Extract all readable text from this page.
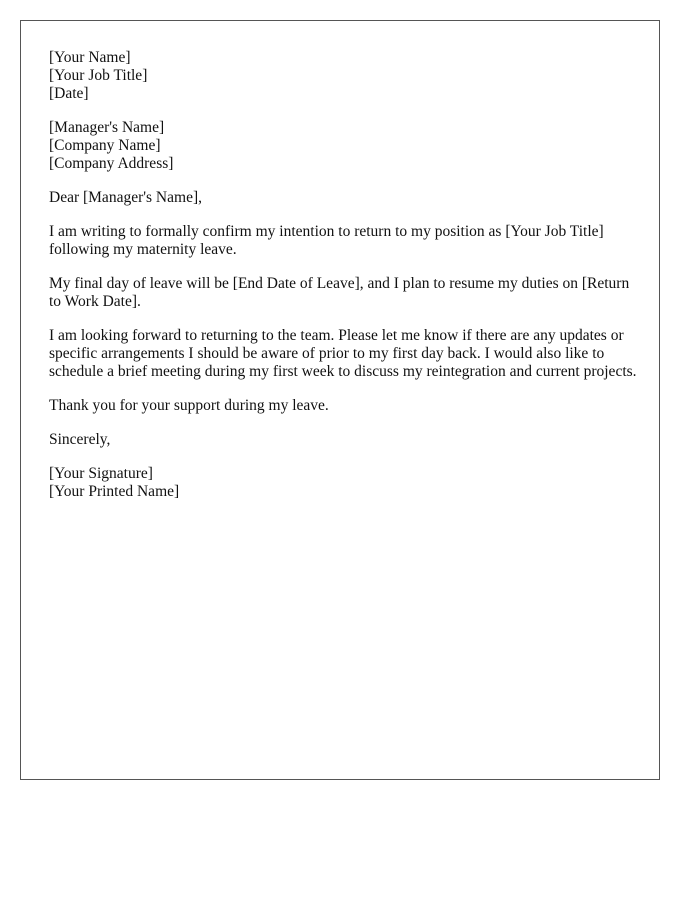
[Your Name]
[Your Job Title]
[Date]
[Manager's Name]
[Company Name]
[Company Address]

Dear [Manager's Name],

I am writing to formally confirm my intention to return to my position as [Your Job Title] following my maternity leave.

My final day of leave will be [End Date of Leave], and I plan to resume my duties on [Return to Work Date].

I am looking forward to returning to the team. Please let me know if there are any updates or specific arrangements I should be aware of prior to my first day back. I would also like to schedule a brief meeting during my first week to discuss my reintegration and current projects.

Thank you for your support during my leave.

Sincerely,

[Your Signature]
[Your Printed Name]
